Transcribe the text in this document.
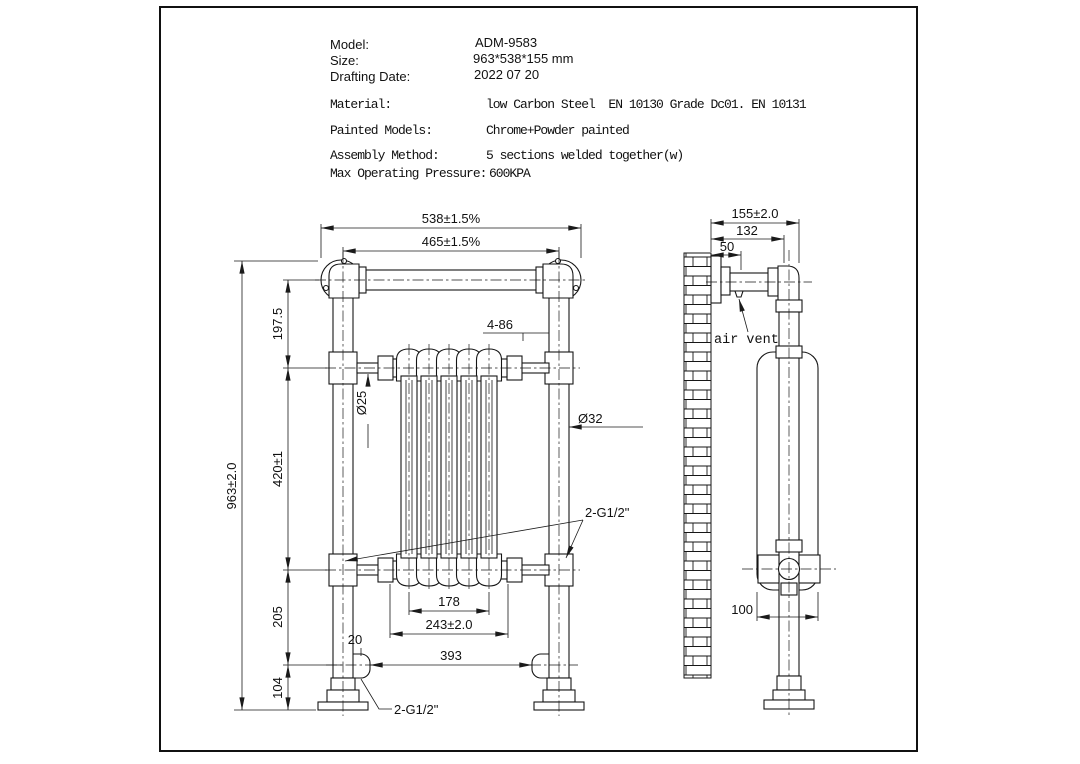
538±1.5%
465±1.5%
963±2.0
197.5
420±1
205
104
4-86
Ø25
Ø32
2-G1/2"
178
243±2.0
20
393
2-G1/2"
155±2.0
132
50
air vent
100
Model:	ADM-9583
Size:	963*538*155 mm
Drafting Date:	2022 07 20
Material:	low Carbon Steel  EN 10130 Grade Dc01. EN 10131
Painted Models:	Chrome+Powder painted
Assembly Method:	5 sections welded together(w)
Max Operating Pressure: 600KPA
